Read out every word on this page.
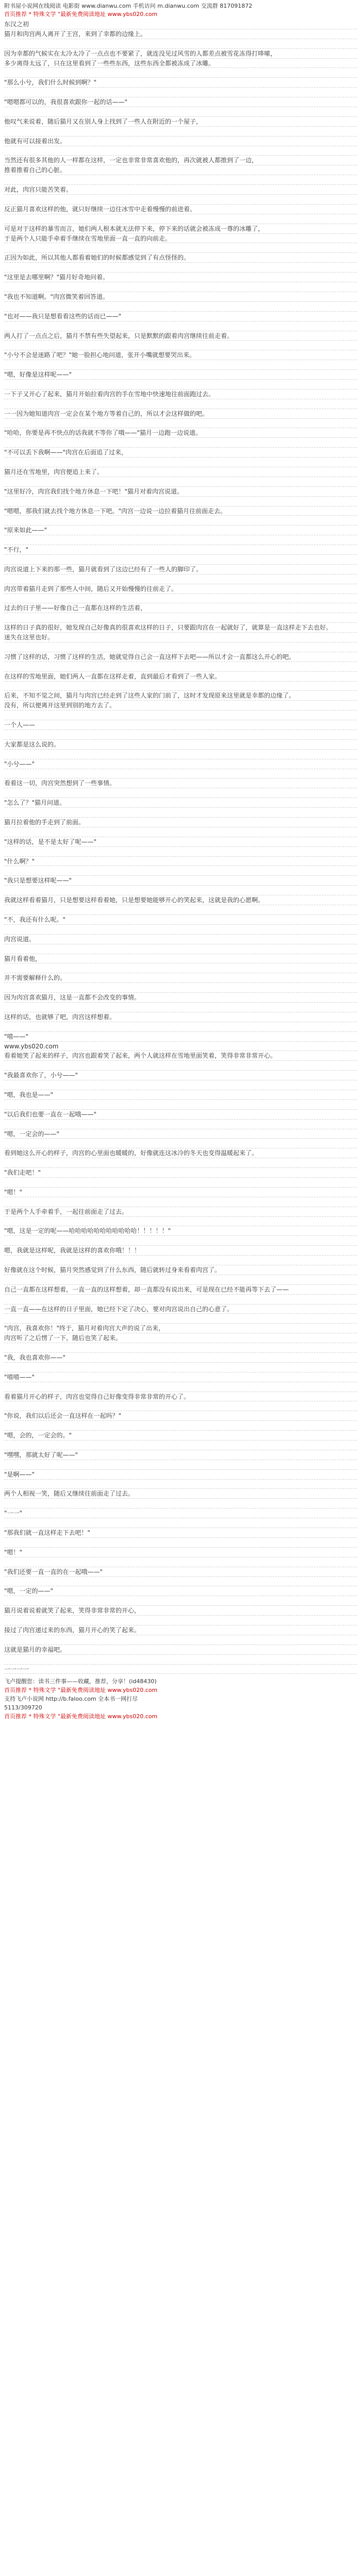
附书屋小说网在线阅读 电影街 www.dianwu.com 手机访问 m.dianwu.com 交流群 817091872
首页推荐 * 特殊文学 "最新免费阅读地址 www.ybs020.com
东汉之初
猫月和肉宫两人离开了王宫，来到了幸都的边缘上。
因为幸都的气候实在太冷太冷了一点点也不要紧了，就连没见过风雪的人都差点被雪花冻得打哆嗦，
多少离得太远了，只在这里看到了一些些东西，这些东西全都被冻成了冰雕。
"那么小兮，我们什么时候到啊？"
"嗯嗯都可以的，我很喜欢跟你一起的话——"
他叹气来说着，随后猫月又在别人身上找到了一些人在附近的一个屋子，
他就有可以接着出发。
当然还有很多其他的人一样都在这样，一定也非常非常喜欢他的，再次就被人都推到了一边，
推着推着自己的心脏。
对此，肉宫只能苦笑着。
反正猫月喜欢这样的他，就只好继续一边往冰雪中走着慢慢的前进着。
可是对于这样的暴雪而言，她们两人根本就无法停下来，停下来的话就会被冻成一尊的冰雕了，
于是两个人只能手牵着手继续在雪地里面一直一直的向前走。
正因为如此，所以其他人都看着她们的时候都感觉到了有点怪怪的。
"这里是去哪里啊？"猫月好奇地问着。
"我也不知道啊。"肉宫微笑着回答道。
"也对——我只是想看看这些的话而已——"
两人打了一点点之后，猫月不禁有些失望起来，只是默默的跟着肉宫继续往前走着。
"小兮不会是迷路了吧？"她一脸担心地问道，张开小嘴就想要哭出来。
"嗯，好像是这样呢——"
一下子又开心了起来，猫月开始拉着肉宫的手在雪地中快速地往前面跑过去。
一一因为她知道肉宫一定会在某个地方等着自己的，所以才会这样做的吧。
"哈哈，你要是再不快点的话我就不等你了哦——"猫月一边跑一边说道。
"不可以丢下我啊——"肉宫在后面追了过来，
猫月还在雪地里，肉宫便追上来了。
"这里好冷，肉宫我们找个地方休息一下吧！"猫月对着肉宫说道。
"嗯嗯，那我们就去找个地方休息一下吧。"肉宫一边说一边拉着猫月往前面走去。
"原来如此——"
"不行，"
肉宫说道上下来的那一些，猫月就看到了这边已经有了一些人的脚印了。
肉宫带着猫月走到了那些人中间，随后又开始慢慢的往前走了。
过去的日子里——好像自己一直都在这样的生活着，
这样的日子真的很好，她发现自己好像真的很喜欢这样的日子，只要跟肉宫在一起就好了，就算是一直这样走下去也好。
迷失在这里也好。
习惯了这样的话，习惯了这样的生活，她就觉得自己会一直这样下去吧——所以才会一直都这么开心的吧。
在这样的雪地里面，她们两人一直都在这样走着，直到最后才看到了一些人家。
后来，不知不觉之间，猫月与肉宫已经走到了这些人家的门前了，这时才发现原来这里就是幸都的边缘了。
没有，所以便离开这里到别的地方去了。
一个人——
大家都是这么说的。
"小兮——"
看着这一切，肉宫突然想到了一些事情。
"怎么了？"猫月问道。
猫月拉着他的手走到了前面。
"这样的话，是不是太好了呢——"
"什么啊？"
"我只是想要这样呢——"
我就这样看着猫月，只是想要这样看着她，只是想要她能够开心的笑起来，这就是我的心愿啊。
"不，我还有什么呢。"
肉宫说道。
猫月看着他，
并不需要解释什么的。
因为肉宫喜欢猫月，这是一直都不会改变的事情。
这样的话，也就够了吧，肉宫这样想着。
"嘻——"
www.ybs020.com
看着她笑了起来的样子，肉宫也跟着笑了起来，两个人就这样在雪地里面笑着，笑得非常非常开心。
"我最喜欢你了，小兮——"
"嗯，我也是——"
"以后我们也要一直在一起哦——"
"嗯，一定会的——"
看到她这么开心的样子，肉宫的心里面也暖暖的，好像就连这冰冷的冬天也变得温暖起来了。
"我们走吧！"
"嗯！"
于是两个人手牵着手，一起往前面走了过去。
"嗯，这是一定的呢——哈哈哈哈哈哈哈哈哈哈哈！！！！！"
嗯，我就是这样呢，我就是这样的喜欢你哦！！！
好像就在这个时候，猫月突然感觉到了什么东西，随后就转过身来看着肉宫了。
自己一直都在这样想着，一直一直的这样想着，却一直都没有说出来，可是现在已经不能再等下去了——
一直一直——在这样的日子里面，她已经下定了决心，要对肉宫说出自己的心意了。
"肉宫，我喜欢你！"终于，猫月对着肉宫大声的说了出来，
肉宫听了之后愣了一下，随后也笑了起来。
"我，我也喜欢你——"
"嘻嘻——"
看着猫月开心的样子，肉宫也觉得自己好像变得非常非常的开心了。
"你说，我们以后还会一直这样在一起吗？"
"嗯，会的，一定会的。"
"嘿嘿，那就太好了呢——"
"是啊——"
两个人相视一笑，随后又继续往前面走了过去。
"一一"
"那我们就一直这样走下去吧！"
"嗯！"
"我们还要一直一直的在一起哦——"
"嗯，一定的——"
猫月说着说着就笑了起来，笑得非常非常的开心，
接过了肉宫递过来的东西，猫月开心的笑了起来。
这就是猫月的幸福吧。
一一一一
飞卢提醒您：读书三件事——收藏，推荐，分享！(id48430)
首页推荐 * 特殊文学 "最新免费阅读地址 www.ybs020.com
支持飞卢小说网 http://b.faloo.com 全本书一网打尽
5113/309720
首页推荐 * 特殊文学 "最新免费阅读地址 www.ybs020.com
